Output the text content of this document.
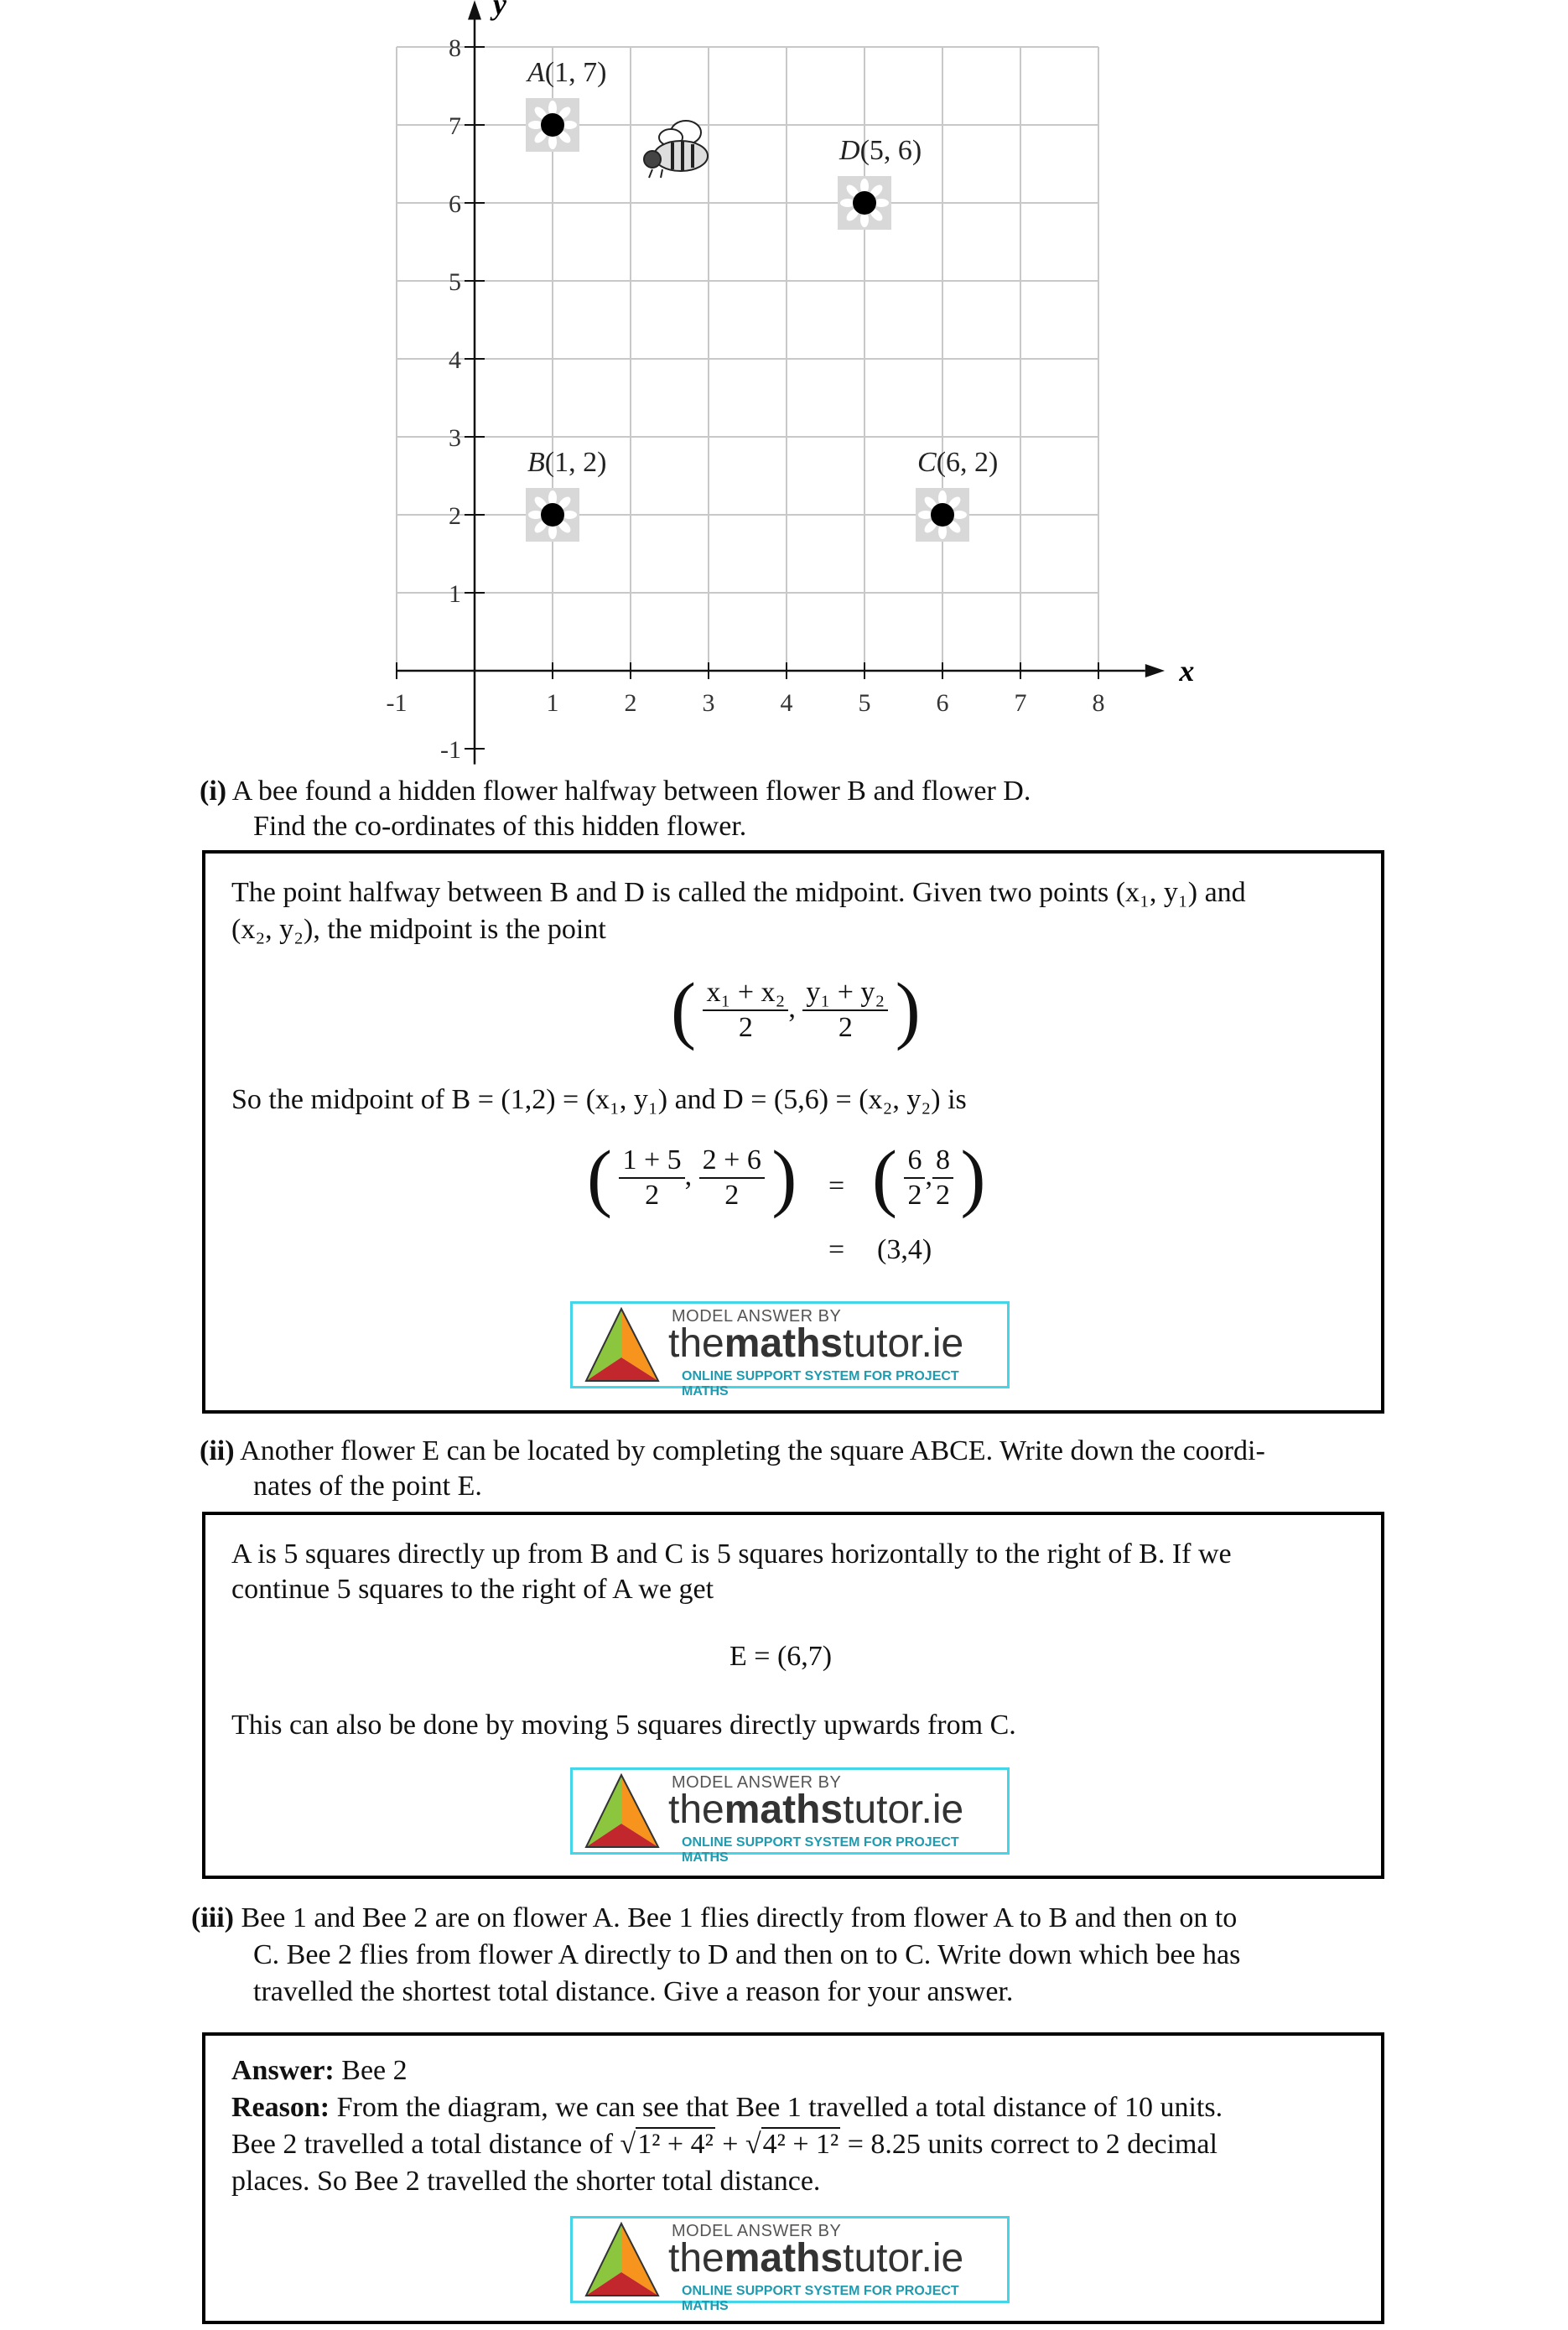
-1	1	2	3	4	5	6	7	8
8
7
6
5
4
3
2
1
-1
x
y
A(1, 7)
B(1, 2)	C(6, 2)
D(5, 6)
(i) A bee found a hidden flower halfway between flower B and flower D.
Find the co-ordinates of this hidden flower.
The point halfway between B and D is called the midpoint. Given two points (x₁, y₁) and
(x₂, y₂), the midpoint is the point
( $\frac{\text{x₁ + x₂}}{2}$ , $\frac{\text{y₁ + y₂}}{2}$ )
So the midpoint of B = (1,2) = (x₁, y₁) and D = (5,6) = (x₂, y₂) is
( $\frac{1 + 5}{2}$ , $\frac{2 + 6}{2}$ ) = ( $\frac{6}{2}$ , $\frac{8}{2}$ )
= (3,4)
MODEL ANSWER BY
themathstutor.ie
ONLINE SUPPORT SYSTEM FOR PROJECT MATHS
(ii) Another flower E can be located by completing the square ABCE. Write down the coordi-
nates of the point E.
A is 5 squares directly up from B and C is 5 squares horizontally to the right of B. If we
continue 5 squares to the right of A we get
E = (6,7)
This can also be done by moving 5 squares directly upwards from C.
MODEL ANSWER BY
themathstutor.ie
ONLINE SUPPORT SYSTEM FOR PROJECT MATHS
(iii) Bee 1 and Bee 2 are on flower A. Bee 1 flies directly from flower A to B and then on to
C. Bee 2 flies from flower A directly to D and then on to C. Write down which bee has
travelled the shortest total distance. Give a reason for your answer.
Answer: Bee 2
Reason: From the diagram, we can see that Bee 1 travelled a total distance of 10 units.
Bee 2 travelled a total distance of √1² + 4² + √4² + 1² = 8.25 units correct to 2 decimal
places. So Bee 2 travelled the shorter total distance.
MODEL ANSWER BY
themathstutor.ie
ONLINE SUPPORT SYSTEM FOR PROJECT MATHS
